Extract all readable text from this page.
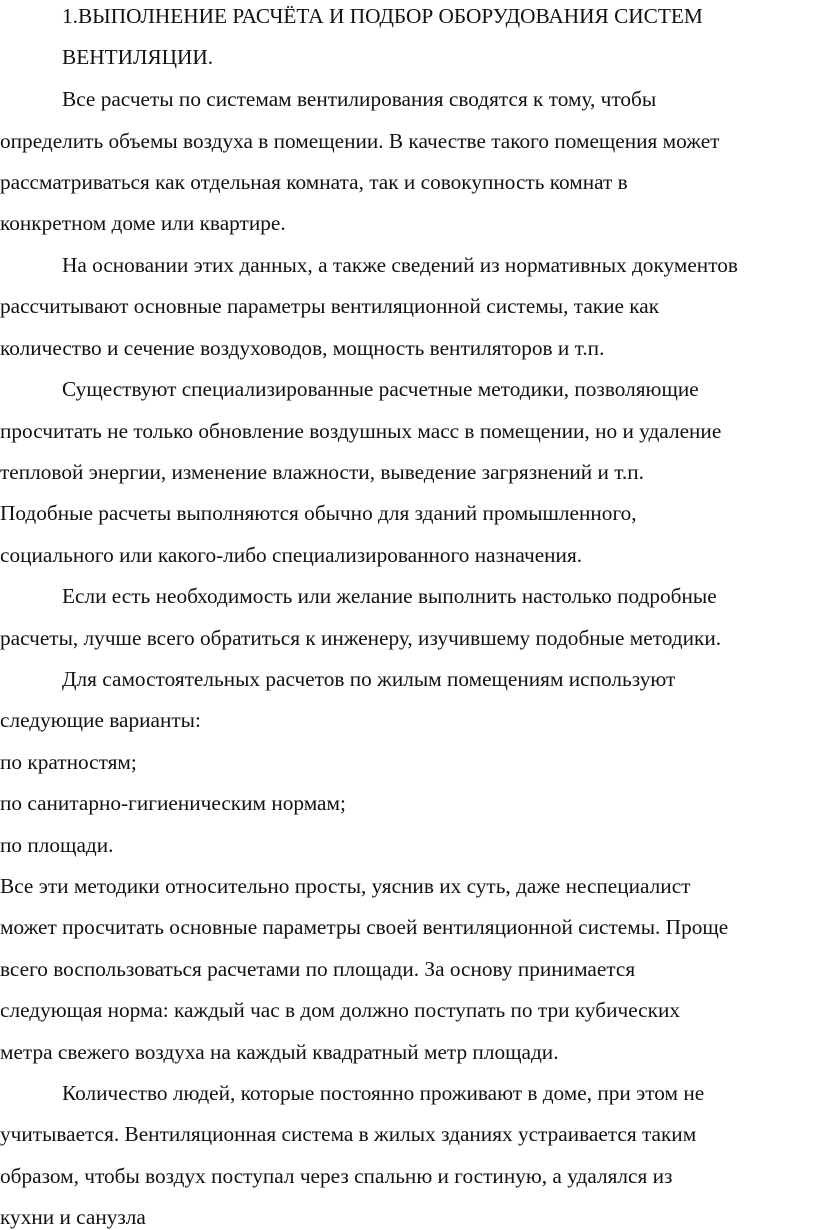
1.ВЫПОЛНЕНИЕ РАСЧЁТА И ПОДБОР ОБОРУДОВАНИЯ СИСТЕМ
ВЕНТИЛЯЦИИ.
Все расчеты по системам вентилирования сводятся к тому, чтобы
определить объемы воздуха в помещении. В качестве такого помещения может
рассматриваться как отдельная комната, так и совокупность комнат в
конкретном доме или квартире.
На основании этих данных, а также сведений из нормативных документов
рассчитывают основные параметры вентиляционной системы, такие как
количество и сечение воздуховодов, мощность вентиляторов и т.п.
Существуют специализированные расчетные методики, позволяющие
просчитать не только обновление воздушных масс в помещении, но и удаление
тепловой энергии, изменение влажности, выведение загрязнений и т.п.
Подобные расчеты выполняются обычно для зданий промышленного,
социального или какого-либо специализированного назначения.
Если есть необходимость или желание выполнить настолько подробные
расчеты, лучше всего обратиться к инженеру, изучившему подобные методики.
Для самостоятельных расчетов по жилым помещениям используют
следующие варианты:
по кратностям;
по санитарно-гигиеническим нормам;
по площади.
Все эти методики относительно просты, уяснив их суть, даже неспециалист
может просчитать основные параметры своей вентиляционной системы. Проще
всего воспользоваться расчетами по площади. За основу принимается
следующая норма: каждый час в дом должно поступать по три кубических
метра свежего воздуха на каждый квадратный метр площади.
Количество людей, которые постоянно проживают в доме, при этом не
учитывается. Вентиляционная система в жилых зданиях устраивается таким
образом, чтобы воздух поступал через спальню и гостиную, а удалялся из
кухни и санузла
